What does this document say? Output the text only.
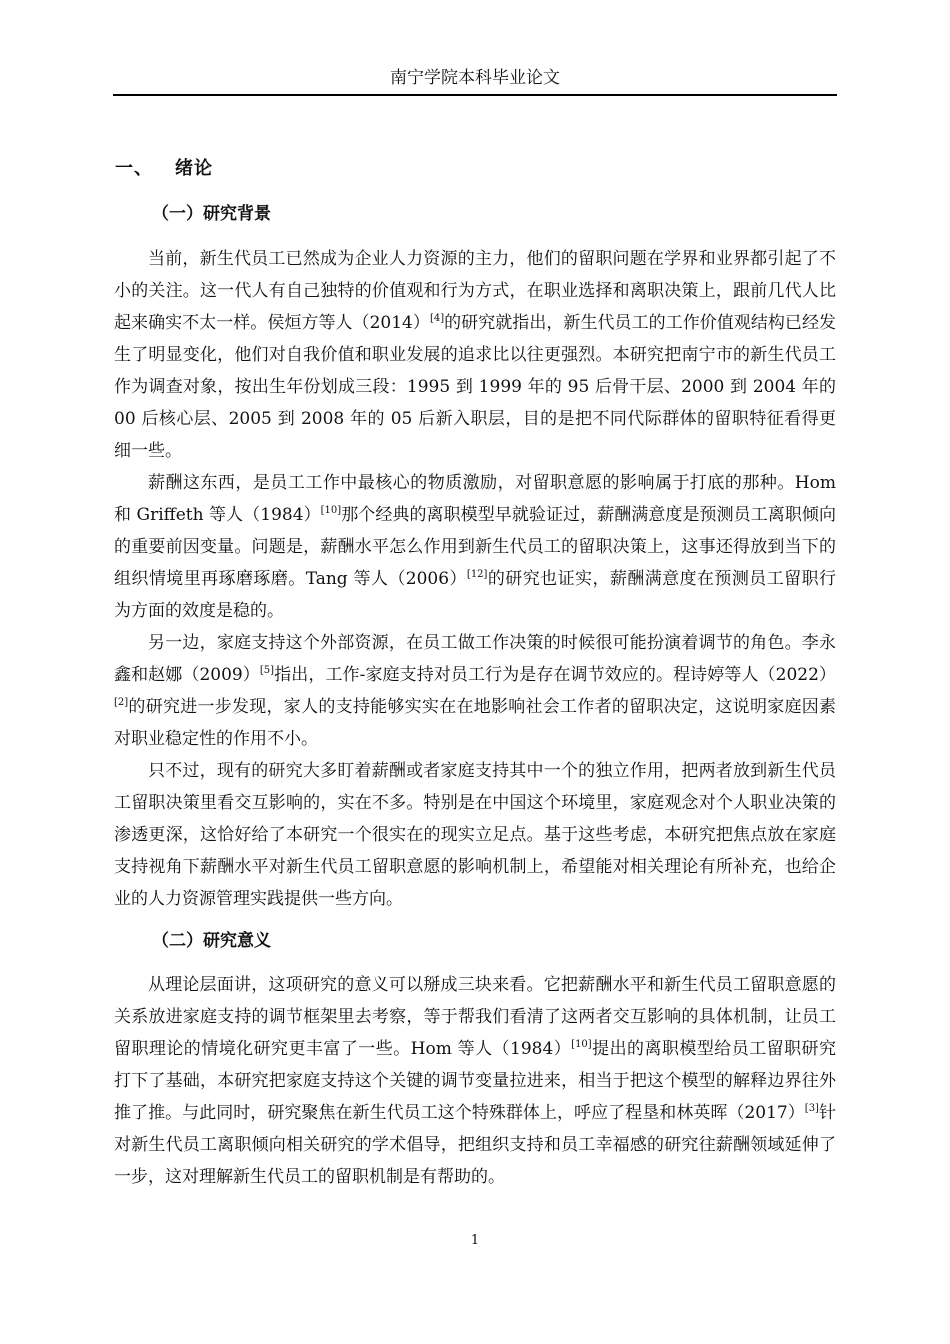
南宁学院本科毕业论文
一、 绪论
（一）研究背景
当前，新生代员工已然成为企业人力资源的主力，他们的留职问题在学界和业界都引起了不小的关注。这一代人有自己独特的价值观和行为方式，在职业选择和离职决策上，跟前几代人比起来确实不太一样。侯烜方等人（2014）[4]的研究就指出，新生代员工的工作价值观结构已经发生了明显变化，他们对自我价值和职业发展的追求比以往更强烈。本研究把南宁市的新生代员工作为调查对象，按出生年份划成三段：1995 到 1999 年的 95 后骨干层、2000 到 2004 年的 00 后核心层、2005 到 2008 年的 05 后新入职层，目的是把不同代际群体的留职特征看得更细一些。
薪酬这东西，是员工工作中最核心的物质激励，对留职意愿的影响属于打底的那种。Hom 和 Griffeth 等人（1984）[10]那个经典的离职模型早就验证过，薪酬满意度是预测员工离职倾向的重要前因变量。问题是，薪酬水平怎么作用到新生代员工的留职决策上，这事还得放到当下的组织情境里再琢磨琢磨。Tang 等人（2006）[12]的研究也证实，薪酬满意度在预测员工留职行为方面的效度是稳的。
另一边，家庭支持这个外部资源，在员工做工作决策的时候很可能扮演着调节的角色。李永鑫和赵娜（2009）[5]指出，工作-家庭支持对员工行为是存在调节效应的。程诗婷等人（2022）[2]的研究进一步发现，家人的支持能够实实在在地影响社会工作者的留职决定，这说明家庭因素对职业稳定性的作用不小。
只不过，现有的研究大多盯着薪酬或者家庭支持其中一个的独立作用，把两者放到新生代员工留职决策里看交互影响的，实在不多。特别是在中国这个环境里，家庭观念对个人职业决策的渗透更深，这恰好给了本研究一个很实在的现实立足点。基于这些考虑，本研究把焦点放在家庭支持视角下薪酬水平对新生代员工留职意愿的影响机制上，希望能对相关理论有所补充，也给企业的人力资源管理实践提供一些方向。
（二）研究意义
从理论层面讲，这项研究的意义可以掰成三块来看。它把薪酬水平和新生代员工留职意愿的关系放进家庭支持的调节框架里去考察，等于帮我们看清了这两者交互影响的具体机制，让员工留职理论的情境化研究更丰富了一些。Hom 等人（1984）[10]提出的离职模型给员工留职研究打下了基础，本研究把家庭支持这个关键的调节变量拉进来，相当于把这个模型的解释边界往外推了推。与此同时，研究聚焦在新生代员工这个特殊群体上，呼应了程垦和林英晖（2017）[3]针对新生代员工离职倾向相关研究的学术倡导，把组织支持和员工幸福感的研究往薪酬领域延伸了一步，这对理解新生代员工的留职机制是有帮助的。
1
